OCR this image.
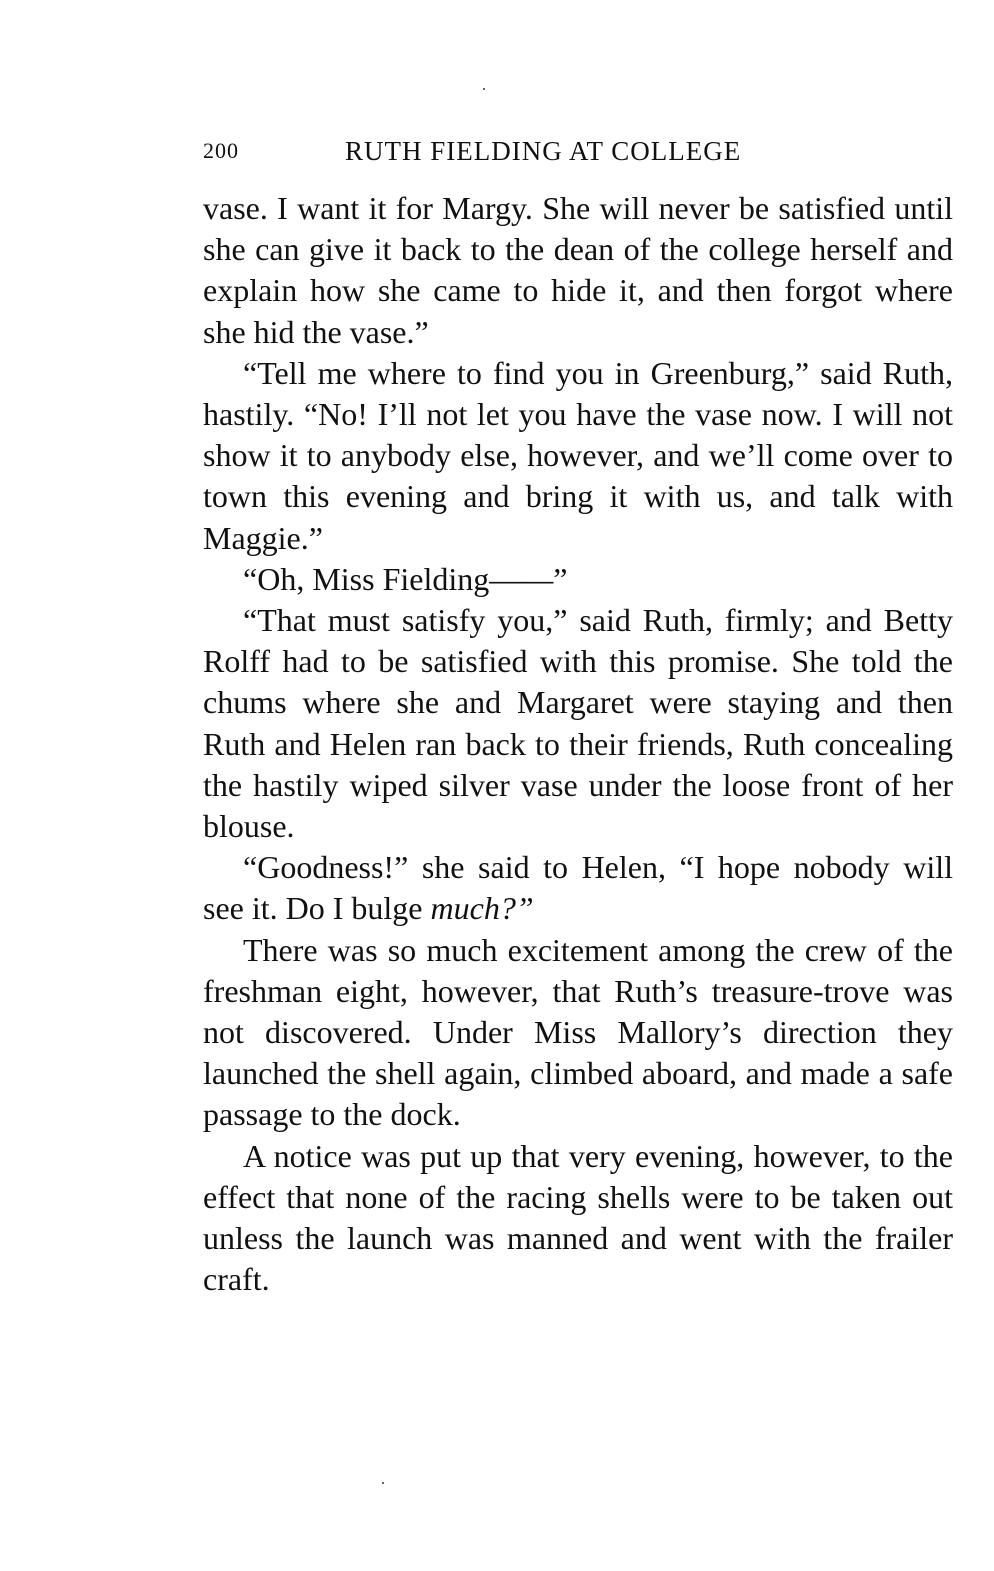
200	RUTH FIELDING AT COLLEGE

vase. I want it for Margy. She will never be satisfied until she can give it back to the dean of the college herself and explain how she came to hide it, and then forgot where she hid the vase.”

“Tell me where to find you in Greenburg,” said Ruth, hastily. “No! I’ll not let you have the vase now. I will not show it to anybody else, however, and we’ll come over to town this evening and bring it with us, and talk with Maggie.”

“Oh, Miss Fielding——”

“That must satisfy you,” said Ruth, firmly; and Betty Rolff had to be satisfied with this promise. She told the chums where she and Margaret were staying and then Ruth and Helen ran back to their friends, Ruth concealing the hastily wiped silver vase under the loose front of her blouse.

“Goodness!” she said to Helen, “I hope nobody will see it. Do I bulge much?”

There was so much excitement among the crew of the freshman eight, however, that Ruth’s treasure-trove was not discovered. Under Miss Mallory’s direction they launched the shell again, climbed aboard, and made a safe passage to the dock.

A notice was put up that very evening, however, to the effect that none of the racing shells were to be taken out unless the launch was manned and went with the frailer craft.
